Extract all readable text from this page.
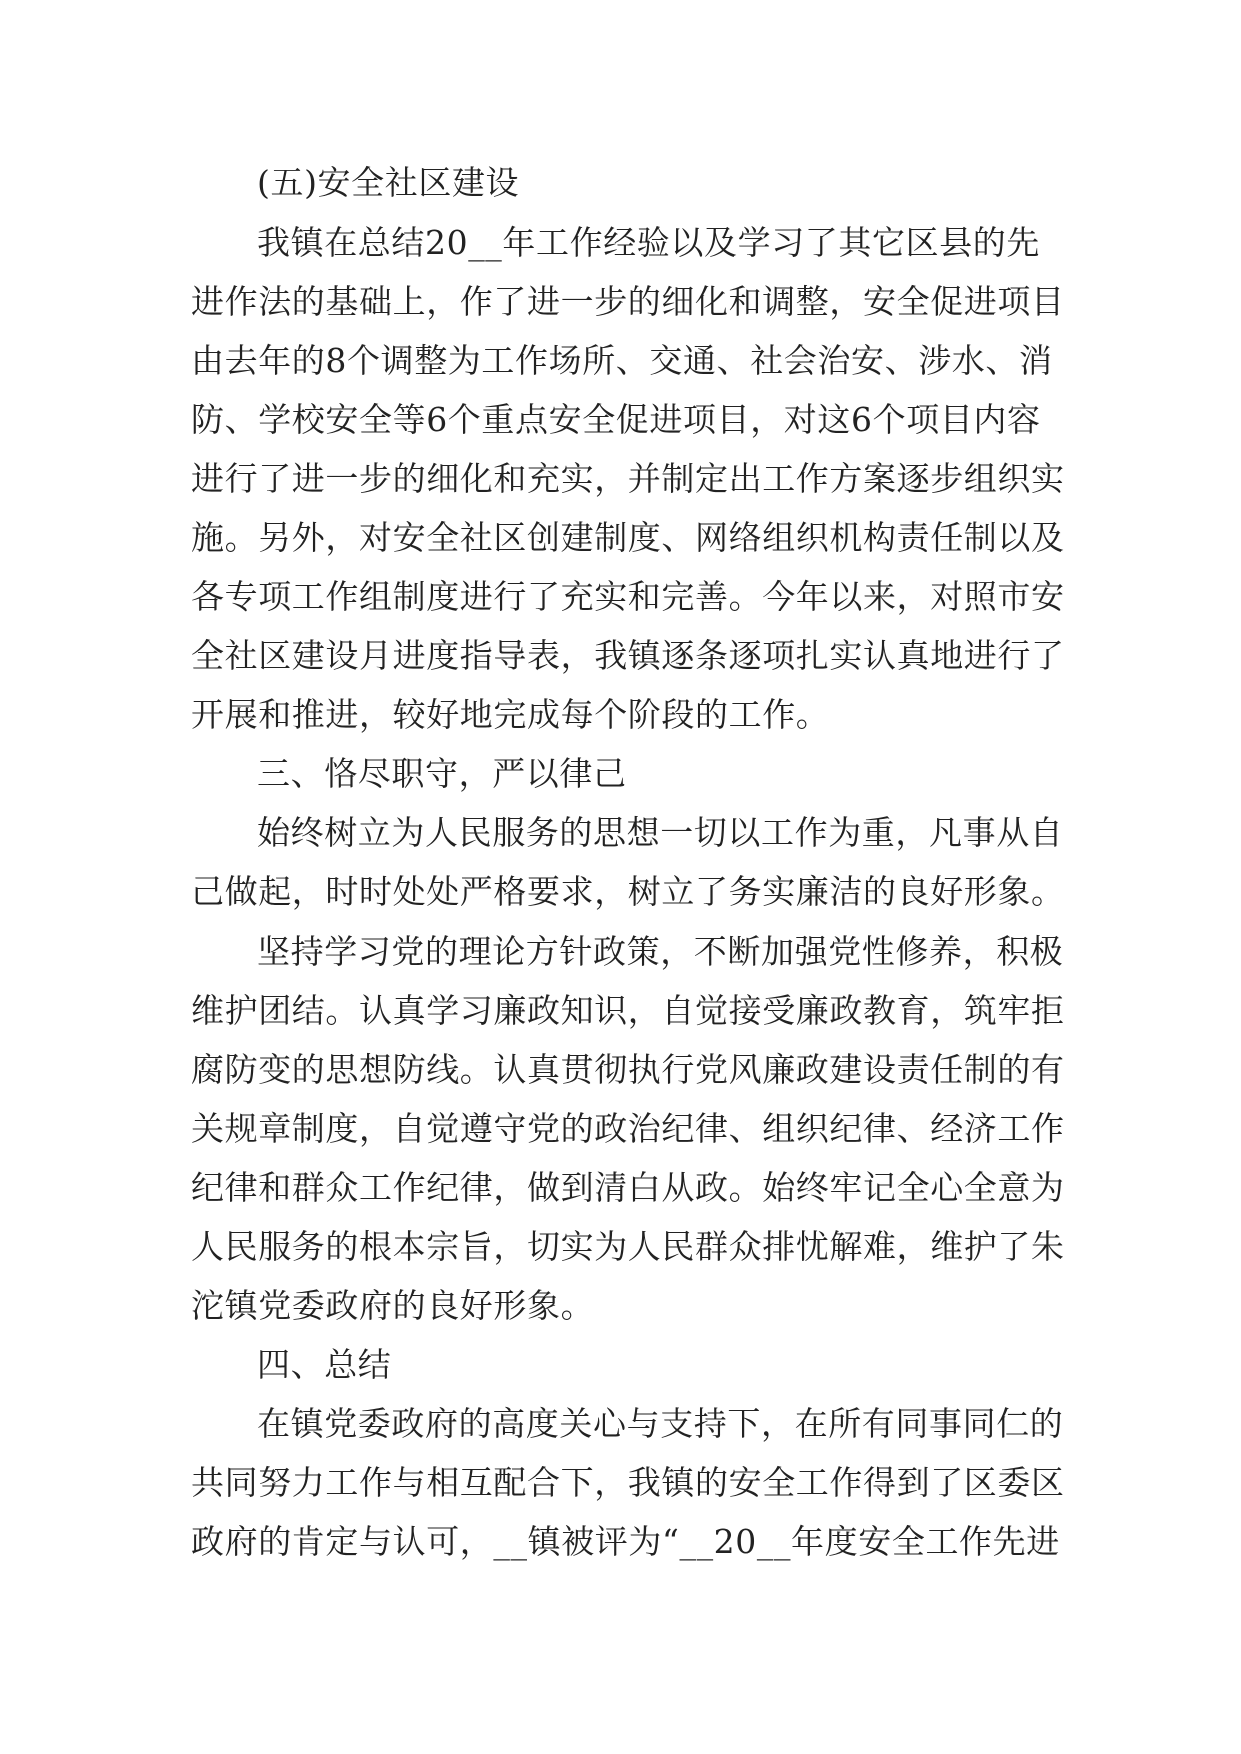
(五)安全社区建设
我镇在总结20__年工作经验以及学习了其它区县的先
进作法的基础上，作了进一步的细化和调整，安全促进项目
由去年的8个调整为工作场所、交通、社会治安、涉水、消
防、学校安全等6个重点安全促进项目，对这6个项目内容
进行了进一步的细化和充实，并制定出工作方案逐步组织实
施。另外，对安全社区创建制度、网络组织机构责任制以及
各专项工作组制度进行了充实和完善。今年以来，对照市安
全社区建设月进度指导表，我镇逐条逐项扎实认真地进行了
开展和推进，较好地完成每个阶段的工作。
三、恪尽职守，严以律己
始终树立为人民服务的思想一切以工作为重，凡事从自
己做起，时时处处严格要求，树立了务实廉洁的良好形象。
坚持学习党的理论方针政策，不断加强党性修养，积极
维护团结。认真学习廉政知识，自觉接受廉政教育，筑牢拒
腐防变的思想防线。认真贯彻执行党风廉政建设责任制的有
关规章制度，自觉遵守党的政治纪律、组织纪律、经济工作
纪律和群众工作纪律，做到清白从政。始终牢记全心全意为
人民服务的根本宗旨，切实为人民群众排忧解难，维护了朱
沱镇党委政府的良好形象。
四、总结
在镇党委政府的高度关心与支持下，在所有同事同仁的
共同努力工作与相互配合下，我镇的安全工作得到了区委区
政府的肯定与认可，__镇被评为“__20__年度安全工作先进
